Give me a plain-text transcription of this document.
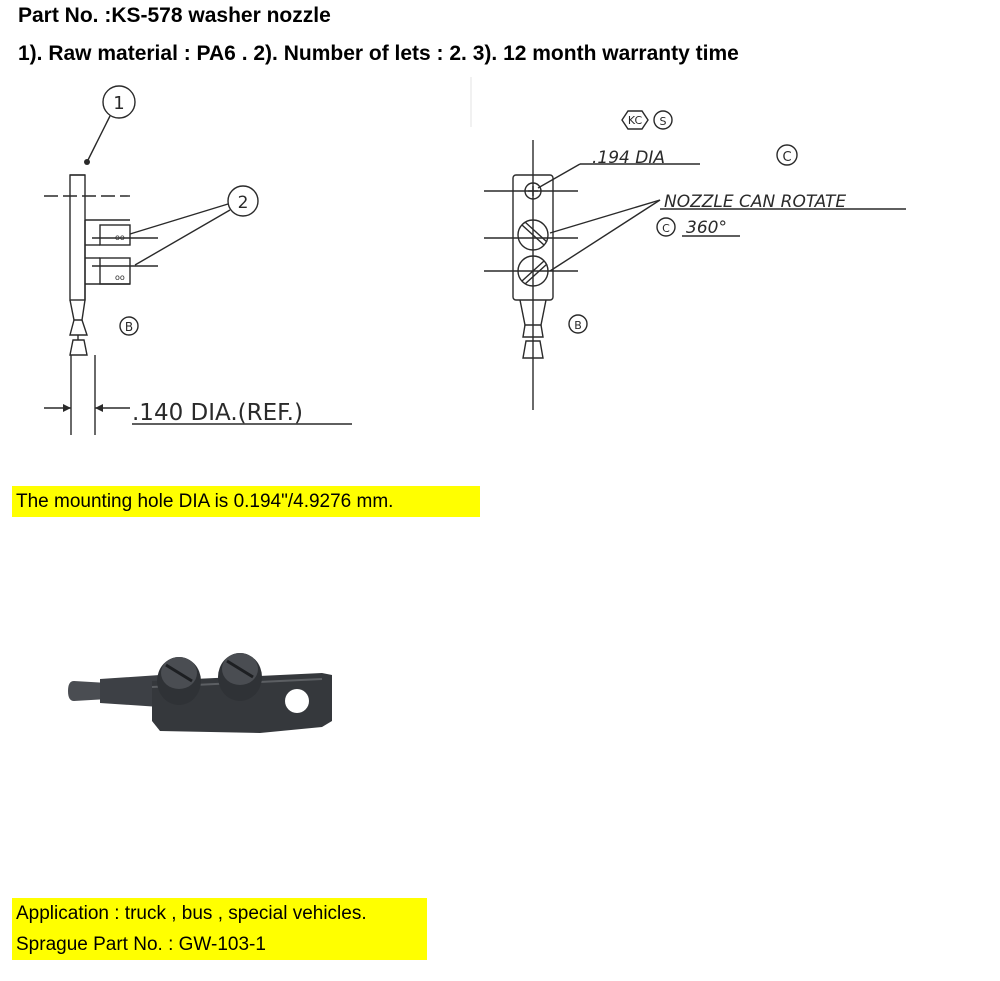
Part No. :KS-578 washer nozzle
1). Raw material : PA6 . 2). Number of lets : 2. 3). 12 month warranty time
1
2
oo
oo
B
.140 DIA.(REF.)
KC S
.194 DIA	C
NOZZLE CAN ROTATE
C 360°
B
The mounting hole DIA is 0.194"/4.9276 mm.
Application : truck , bus , special vehicles.
Sprague Part No. : GW-103-1
